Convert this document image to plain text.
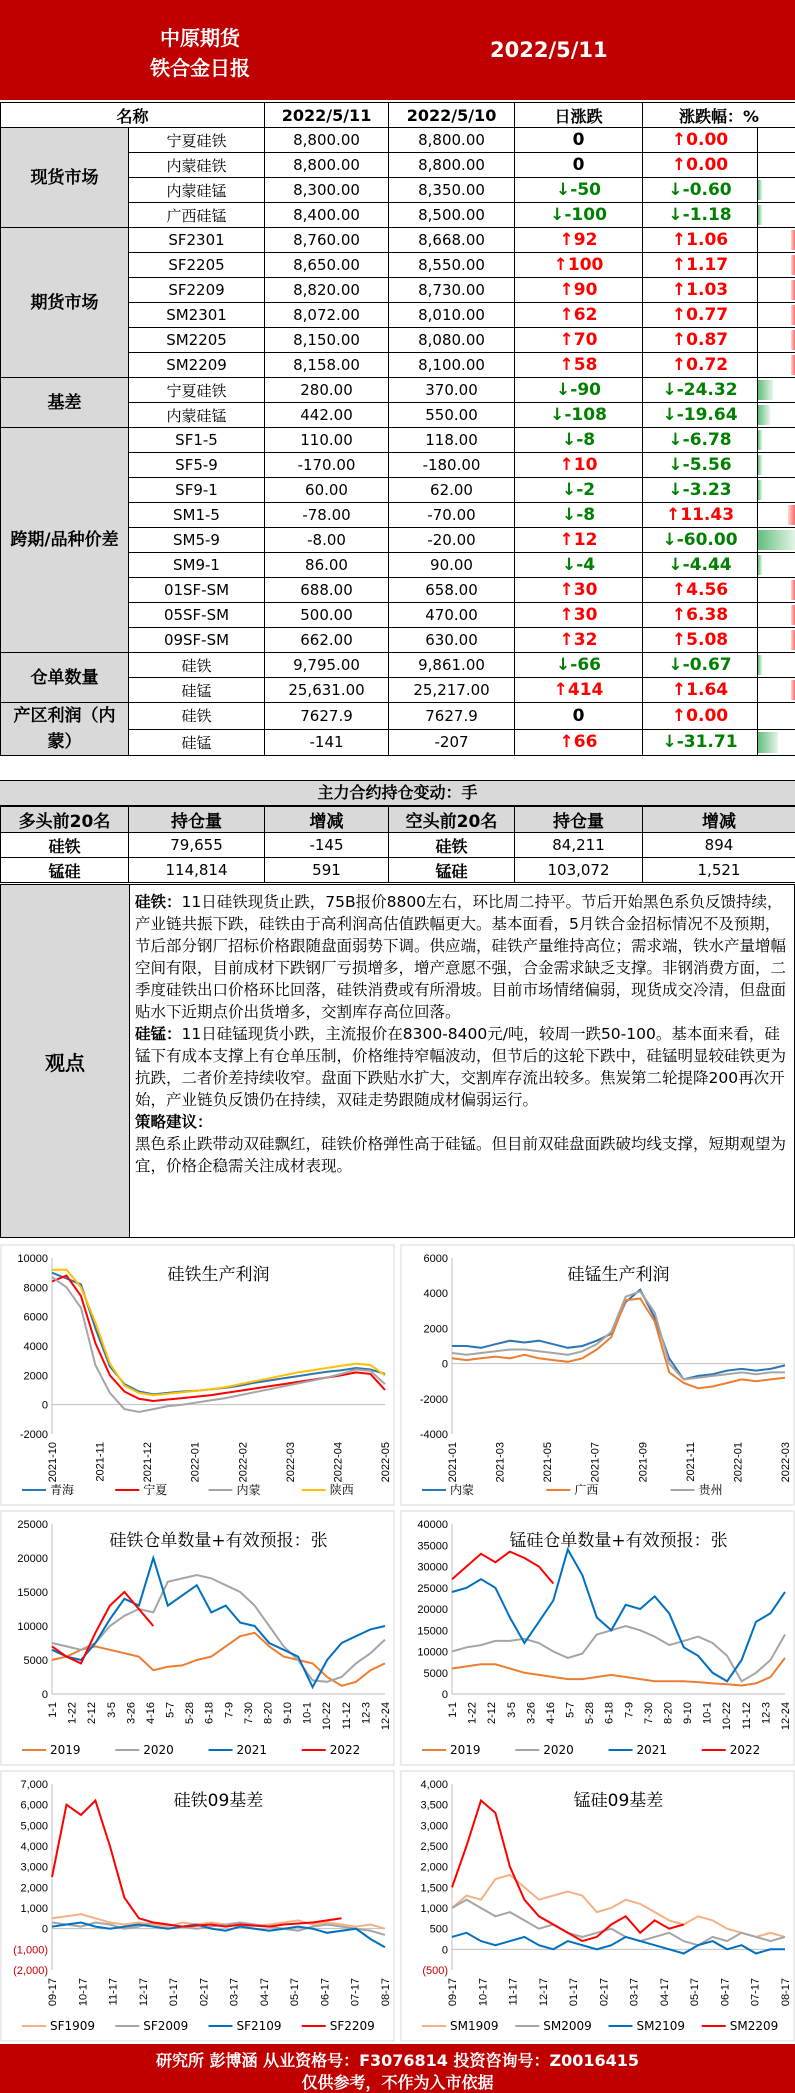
中原期货
铁合金日报
2022/5/11
名称		2022/5/11	2022/5/10	日涨跌	涨跌幅：%	
现货市场	宁夏硅铁	8,800.00	8,800.00	0	↑0.00	
	内蒙硅铁	8,800.00	8,800.00	0	↑0.00	
	内蒙硅锰	8,300.00	8,350.00	↓-50	↓-0.60	

	广西硅锰	8,400.00	8,500.00	↓-100	↓-1.18	

期货市场	SF2301	8,760.00	8,668.00	↑92	↑1.06	

	SF2205	8,650.00	8,550.00	↑100	↑1.17	

	SF2209	8,820.00	8,730.00	↑90	↑1.03	

	SM2301	8,072.00	8,010.00	↑62	↑0.77	

	SM2205	8,150.00	8,080.00	↑70	↑0.87	

	SM2209	8,158.00	8,100.00	↑58	↑0.72	

基差	宁夏硅铁	280.00	370.00	↓-90	↓-24.32	

	内蒙硅锰	442.00	550.00	↓-108	↓-19.64	

跨期/品种价差	SF1-5	110.00	118.00	↓-8	↓-6.78	

	SF5-9	-170.00	-180.00	↑10	↓-5.56	

	SF9-1	60.00	62.00	↓-2	↓-3.23	

	SM1-5	-78.00	-70.00	↓-8	↑11.43	

	SM5-9	-8.00	-20.00	↑12	↓-60.00	

	SM9-1	86.00	90.00	↓-4	↓-4.44	

	01SF-SM	688.00	658.00	↑30	↑4.56	

	05SF-SM	500.00	470.00	↑30	↑6.38	

	09SF-SM	662.00	630.00	↑32	↑5.08	

仓单数量	硅铁	9,795.00	9,861.00	↓-66	↓-0.67	

	硅锰	25,631.00	25,217.00	↑414	↑1.64	

产区利润（内蒙）	硅铁	7627.9	7627.9	0	↑0.00	
	硅锰	-141	-207	↑66	↓-31.71	
主力合约持仓变动：手
多头前20名	持仓量	增减	空头前20名	持仓量	增减
硅铁	79,655	-145	硅铁	84,211	894
锰硅	114,814	591	锰硅	103,072	1,521
观点
硅铁：11日硅铁现货止跌，75B报价8800左右，环比周二持平。节后开始黑色系负反馈持续，产业链共振下跌，硅铁由于高利润高估值跌幅更大。基本面看，5月铁合金招标情况不及预期，节后部分钢厂招标价格跟随盘面弱势下调。供应端，硅铁产量维持高位；需求端，铁水产量增幅空间有限，目前成材下跌钢厂亏损增多，增产意愿不强，合金需求缺乏支撑。非钢消费方面，二季度硅铁出口价格环比回落，硅铁消费或有所滑坡。目前市场情绪偏弱，现货成交冷清，但盘面贴水下近期点价出货增多，交割库存高位回落。
硅锰：11日硅锰现货小跌，主流报价在8300-8400元/吨，较周一跌50-100。基本面来看，硅锰下有成本支撑上有仓单压制，价格维持窄幅波动，但节后的这轮下跌中，硅锰明显较硅铁更为抗跌，二者价差持续收窄。盘面下跌贴水扩大，交割库存流出较多。焦炭第二轮提降200再次开始，产业链负反馈仍在持续，双硅走势跟随成材偏弱运行。
策略建议：
黑色系止跌带动双硅飘红，硅铁价格弹性高于硅锰。但目前双硅盘面跌破均线支撑，短期观望为宜，价格企稳需关注成材表现。
10000
8000
6000
4000
2000
0
-2000
硅铁生产利润
2021-10	2021-11	2021-12	2022-01	2022-02	2022-03	2022-04	2022-05
青海	宁夏	内蒙	陕西
6000
4000
2000
0
-2000
-4000
硅锰生产利润
2021-01	2021-03	2021-05	2021-07	2021-09	2021-11	2022-01	2022-03
内蒙	广西	贵州
25000
20000
15000
10000
5000
0
硅铁仓单数量+有效预报：张
1-1 1-22 2-12 3-5 3-26 4-16 5-7 5-28 6-18 7-9 7-30 8-20 9-10 10-1 10-22 11-12 12-3 12-24
2019	2020	2021	2022
40000
35000
30000
25000
20000
15000
10000
5000
0
锰硅仓单数量+有效预报：张
1-1 1-22 2-12 3-5 3-26 4-16 5-7 5-28 6-18 7-9 7-30 8-20 9-10 10-1 10-22 11-12 12-3 12-24
2019	2020	2021	2022
7,000
6,000
5,000
4,000
3,000
2,000
1,000
0
(1,000)
(2,000)
硅铁09基差
09-17 10-17 11-17 12-17 01-17 02-17 03-17 04-17 05-17 06-17 07-17 08-17
SF1909	SF2009	SF2109	SF2209
4,000
3,500
3,000
2,500
2,000
1,500
1,000
500
0
(500)
锰硅09基差
09-17 10-17 11-17 12-17 01-17 02-17 03-17 04-17 05-17 06-17 07-17 08-17
SM1909	SM2009	SM2109	SM2209
研究所 彭博涵 从业资格号：F3076814 投资咨询号：Z0016415
仅供参考，不作为入市依据
